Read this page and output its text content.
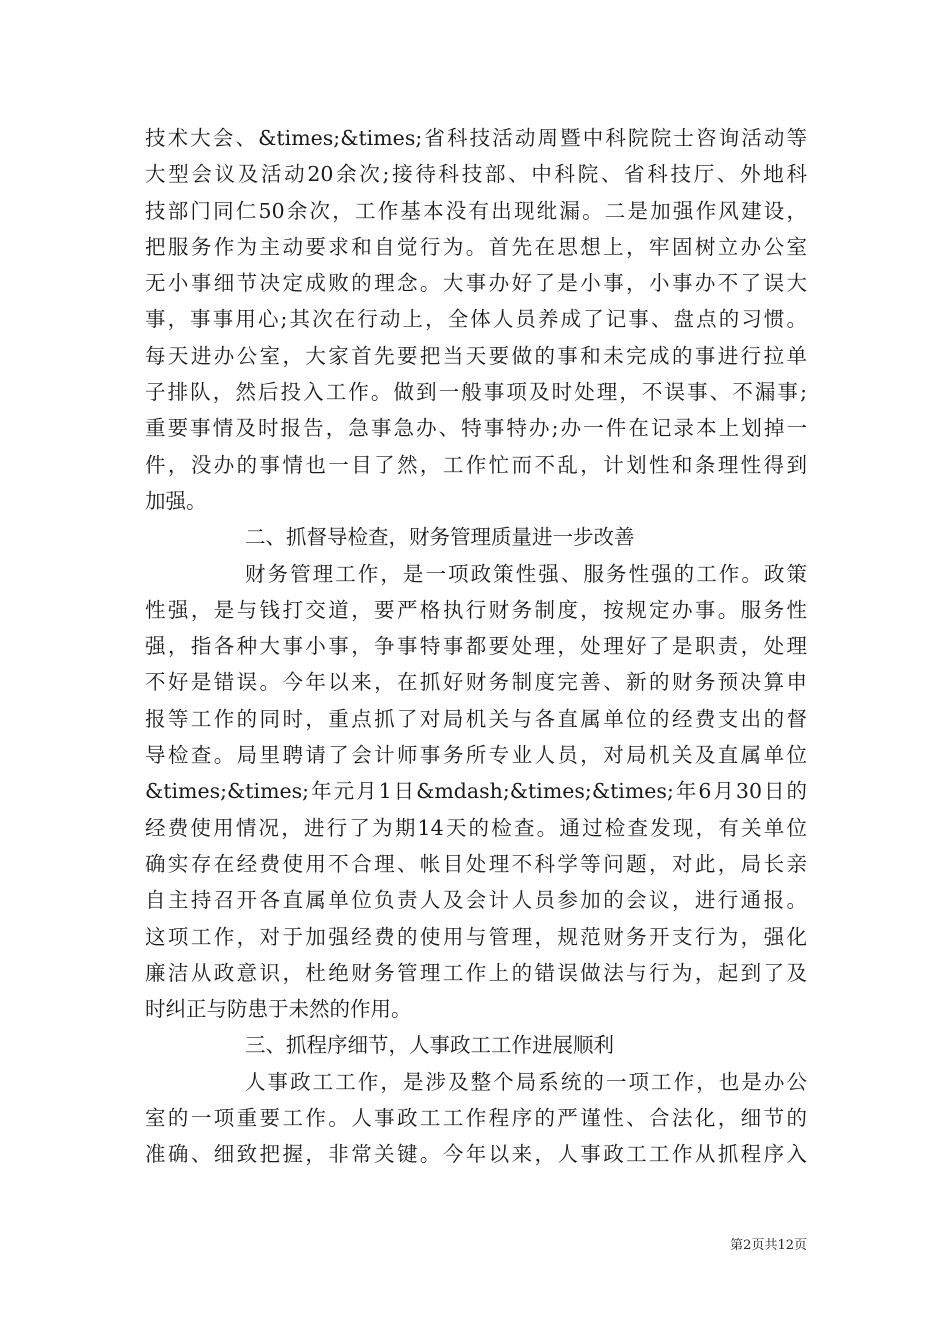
技术大会、&times;&times;省科技活动周暨中科院院士咨询活动等
大型会议及活动20余次;接待科技部、中科院、省科技厅、外地科
技部门同仁50余次，工作基本没有出现纰漏。二是加强作风建设，
把服务作为主动要求和自觉行为。首先在思想上，牢固树立办公室
无小事细节决定成败的理念。大事办好了是小事，小事办不了误大
事，事事用心;其次在行动上，全体人员养成了记事、盘点的习惯。
每天进办公室，大家首先要把当天要做的事和未完成的事进行拉单
子排队，然后投入工作。做到一般事项及时处理，不误事、不漏事;
重要事情及时报告，急事急办、特事特办;办一件在记录本上划掉一
件，没办的事情也一目了然，工作忙而不乱，计划性和条理性得到
加强。
二、抓督导检查，财务管理质量进一步改善
财务管理工作，是一项政策性强、服务性强的工作。政策
性强，是与钱打交道，要严格执行财务制度，按规定办事。服务性
强，指各种大事小事，争事特事都要处理，处理好了是职责，处理
不好是错误。今年以来，在抓好财务制度完善、新的财务预决算申
报等工作的同时，重点抓了对局机关与各直属单位的经费支出的督
导检查。局里聘请了会计师事务所专业人员，对局机关及直属单位
&times;&times;年元月1日&mdash;&times;&times;年6月30日的
经费使用情况，进行了为期14天的检查。通过检查发现，有关单位
确实存在经费使用不合理、帐目处理不科学等问题，对此，局长亲
自主持召开各直属单位负责人及会计人员参加的会议，进行通报。
这项工作，对于加强经费的使用与管理，规范财务开支行为，强化
廉洁从政意识，杜绝财务管理工作上的错误做法与行为，起到了及
时纠正与防患于未然的作用。
三、抓程序细节，人事政工工作进展顺利
人事政工工作，是涉及整个局系统的一项工作，也是办公
室的一项重要工作。人事政工工作程序的严谨性、合法化，细节的
准确、细致把握，非常关键。今年以来，人事政工工作从抓程序入
第2页共12页
